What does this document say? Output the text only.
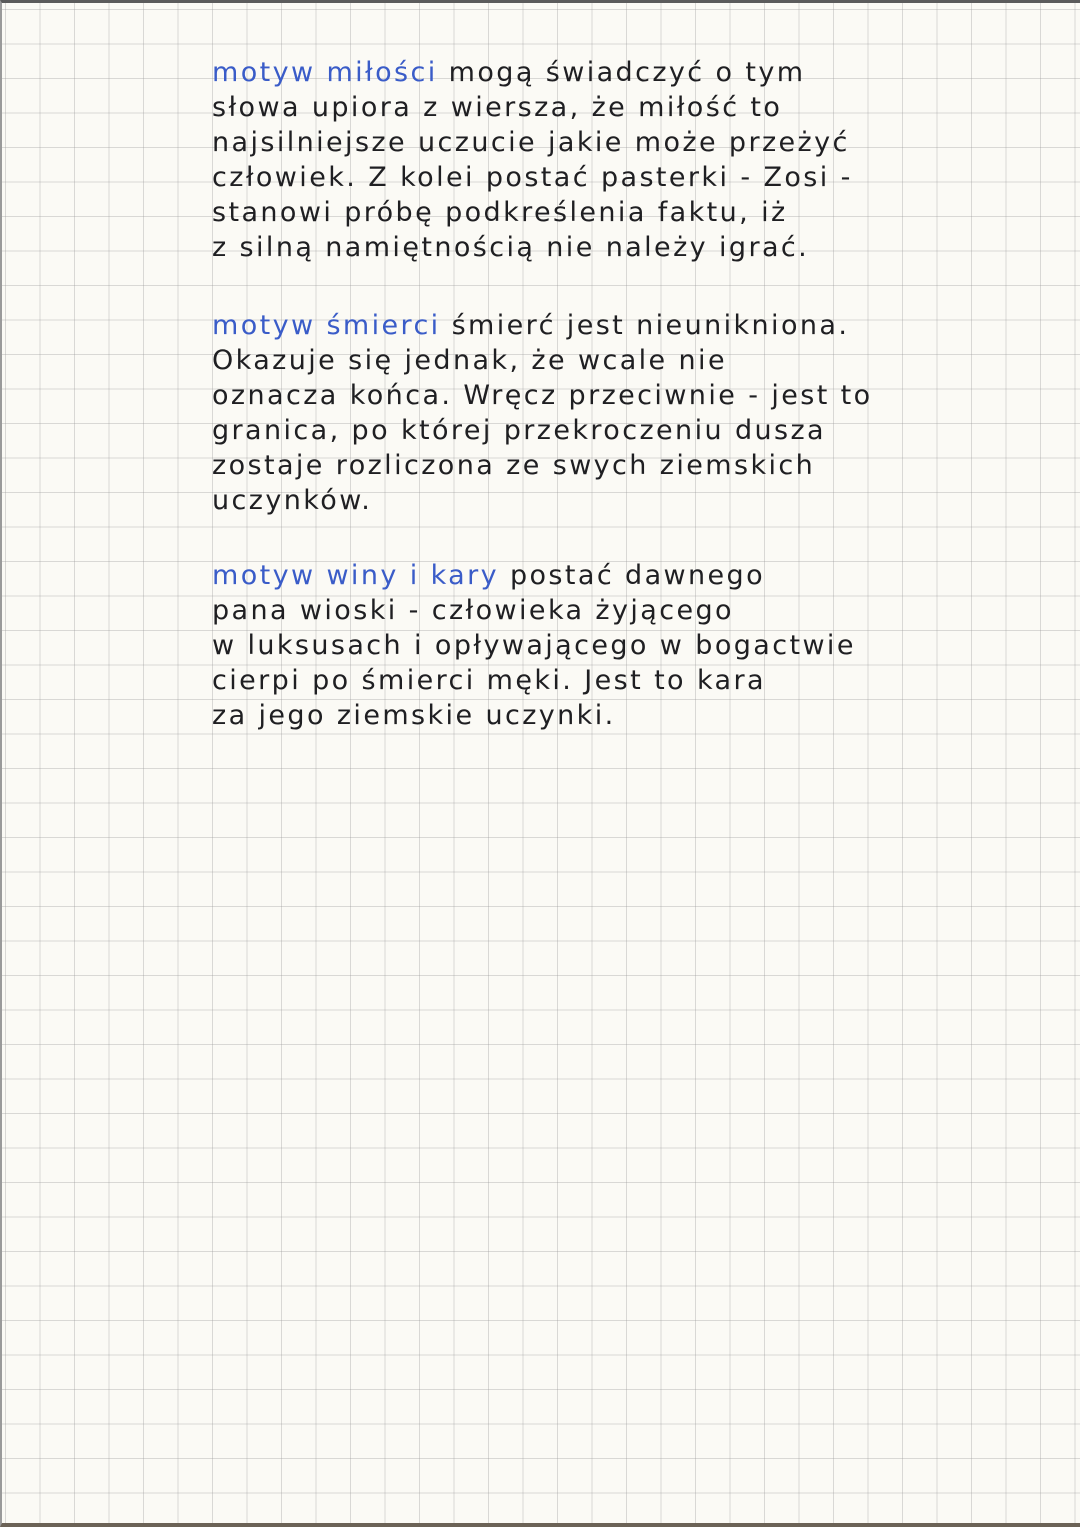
motyw miłości mogą świadczyć o tym
słowa upiora z wiersza, że miłość to
najsilniejsze uczucie jakie może przeżyć
człowiek. Z kolei postać pasterki - Zosi -
stanowi próbę podkreślenia faktu, iż
z silną namiętnością nie należy igrać.

motyw śmierci śmierć jest nieunikniona.
Okazuje się jednak, że wcale nie
oznacza końca. Wręcz przeciwnie - jest to
granica, po której przekroczeniu dusza
zostaje rozliczona ze swych ziemskich
uczynków.

motyw winy i kary postać dawnego
pana wioski - człowieka żyjącego
w luksusach i opływającego w bogactwie
cierpi po śmierci męki. Jest to kara
za jego ziemskie uczynki.
